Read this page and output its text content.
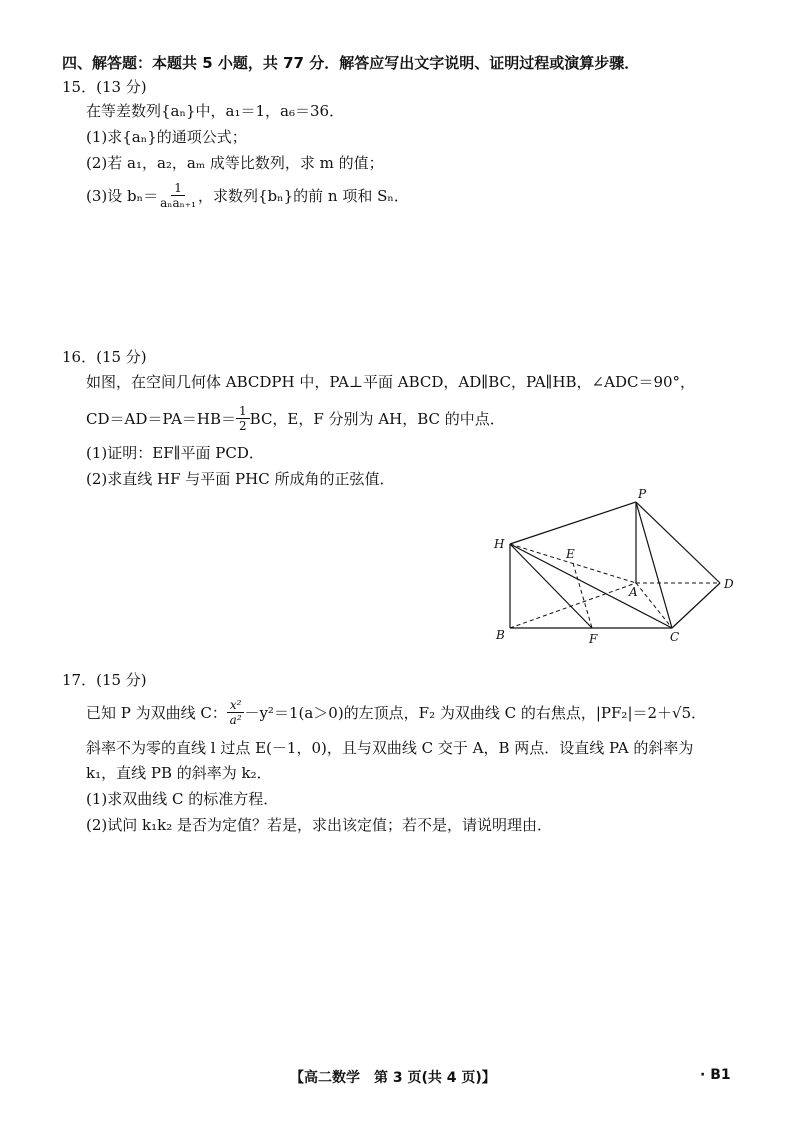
四、解答题：本题共 5 小题，共 77 分．解答应写出文字说明、证明过程或演算步骤．
15．(13 分)
在等差数列{aₙ}中，a₁＝1，a₆＝36．
(1)求{aₙ}的通项公式；
(2)若 a₁，a₂，aₘ 成等比数列，求 m 的值；
(3)设 $b_n= \frac{1}{\text{aₙaₙ₊₁}}$ ，求数列{bₙ}的前 n 项和 Sₙ．
16．(15 分)
如图，在空间几何体 ABCDPH 中，PA⊥平面 ABCD，AD∥BC，PA∥HB，∠ADC＝90°，
$CD=AD=PA=HB= \frac{1}{2}$ BC，E，F 分别为 AH，BC 的中点．
(1)证明：EF∥平面 PCD．
(2)求直线 HF 与平面 PHC 所成角的正弦值．
P
H
E
A
D
B	F	C
17．(15 分)
已知 P 为双曲线 C： $\frac{\text{x²}}{\text{a²}} -y^2=1(a>0)$的左顶点，F₂ 为双曲线 C 的右焦点，|PF₂|＝2＋√5．
斜率不为零的直线 l 过点 E(－1，0)，且与双曲线 C 交于 A，B 两点．设直线 PA 的斜率为
k₁，直线 PB 的斜率为 k₂．
(1)求双曲线 C 的标准方程．
(2)试问 k₁k₂ 是否为定值？若是，求出该定值；若不是，请说明理由．
【高二数学　第 3 页(共 4 页)】	· B1
